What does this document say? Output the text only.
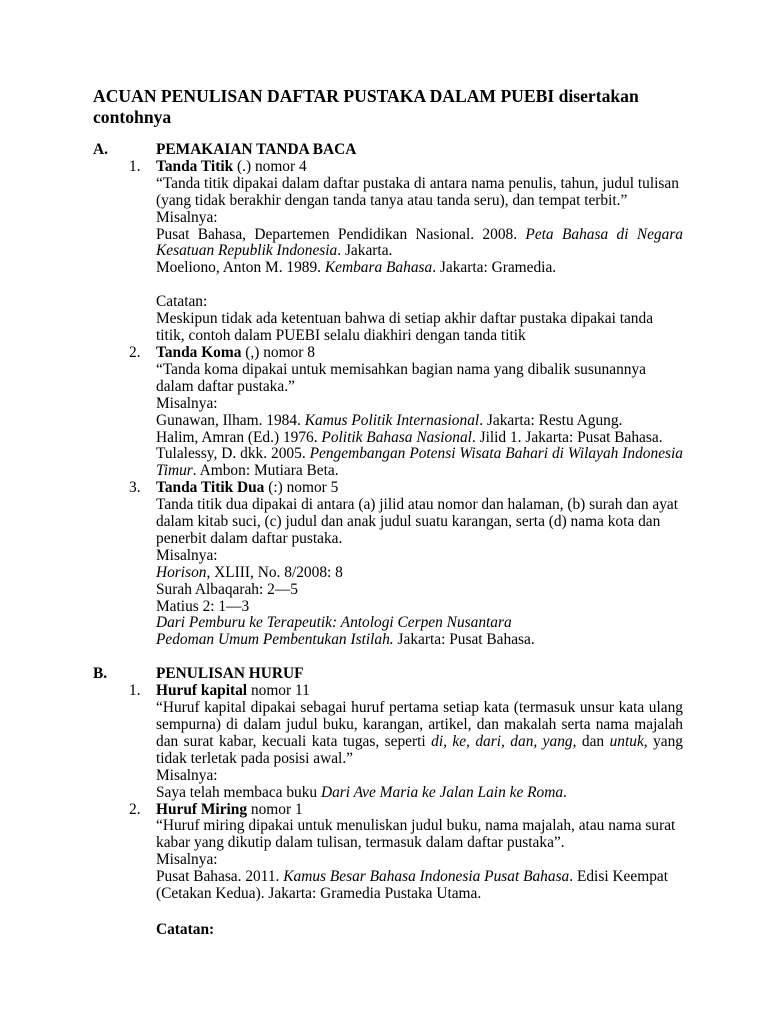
ACUAN PENULISAN DAFTAR PUSTAKA DALAM PUEBI disertakan contohnya
A.	PEMAKAIAN TANDA BACA
1. Tanda Titik (.) nomor 4
“Tanda titik dipakai dalam daftar pustaka di antara nama penulis, tahun, judul tulisan (yang tidak berakhir dengan tanda tanya atau tanda seru), dan tempat terbit.”
Misalnya:
Pusat Bahasa, Departemen Pendidikan Nasional. 2008. Peta Bahasa di Negara Kesatuan Republik Indonesia. Jakarta.
Moeliono, Anton M. 1989. Kembara Bahasa. Jakarta: Gramedia.
Catatan:
Meskipun tidak ada ketentuan bahwa di setiap akhir daftar pustaka dipakai tanda titik, contoh dalam PUEBI selalu diakhiri dengan tanda titik
2. Tanda Koma (,) nomor 8
“Tanda koma dipakai untuk memisahkan bagian nama yang dibalik susunannya dalam daftar pustaka.”
Misalnya:
Gunawan, Ilham. 1984. Kamus Politik Internasional. Jakarta: Restu Agung.
Halim, Amran (Ed.) 1976. Politik Bahasa Nasional. Jilid 1. Jakarta: Pusat Bahasa.
Tulalessy, D. dkk. 2005. Pengembangan Potensi Wisata Bahari di Wilayah Indonesia Timur. Ambon: Mutiara Beta.
3. Tanda Titik Dua (:) nomor 5
Tanda titik dua dipakai di antara (a) jilid atau nomor dan halaman, (b) surah dan ayat dalam kitab suci, (c) judul dan anak judul suatu karangan, serta (d) nama kota dan penerbit dalam daftar pustaka.
Misalnya:
Horison, XLIII, No. 8/2008: 8
Surah Albaqarah: 2—5
Matius 2: 1—3
Dari Pemburu ke Terapeutik: Antologi Cerpen Nusantara
Pedoman Umum Pembentukan Istilah. Jakarta: Pusat Bahasa.
B.	PENULISAN HURUF
1. Huruf kapital nomor 11
“Huruf kapital dipakai sebagai huruf pertama setiap kata (termasuk unsur kata ulang sempurna) di dalam judul buku, karangan, artikel, dan makalah serta nama majalah dan surat kabar, kecuali kata tugas, seperti di, ke, dari, dan, yang, dan untuk, yang tidak terletak pada posisi awal.”
Misalnya:
Saya telah membaca buku Dari Ave Maria ke Jalan Lain ke Roma.
2. Huruf Miring nomor 1
“Huruf miring dipakai untuk menuliskan judul buku, nama majalah, atau nama surat kabar yang dikutip dalam tulisan, termasuk dalam daftar pustaka”.
Misalnya:
Pusat Bahasa. 2011. Kamus Besar Bahasa Indonesia Pusat Bahasa. Edisi Keempat (Cetakan Kedua). Jakarta: Gramedia Pustaka Utama.
Catatan:
